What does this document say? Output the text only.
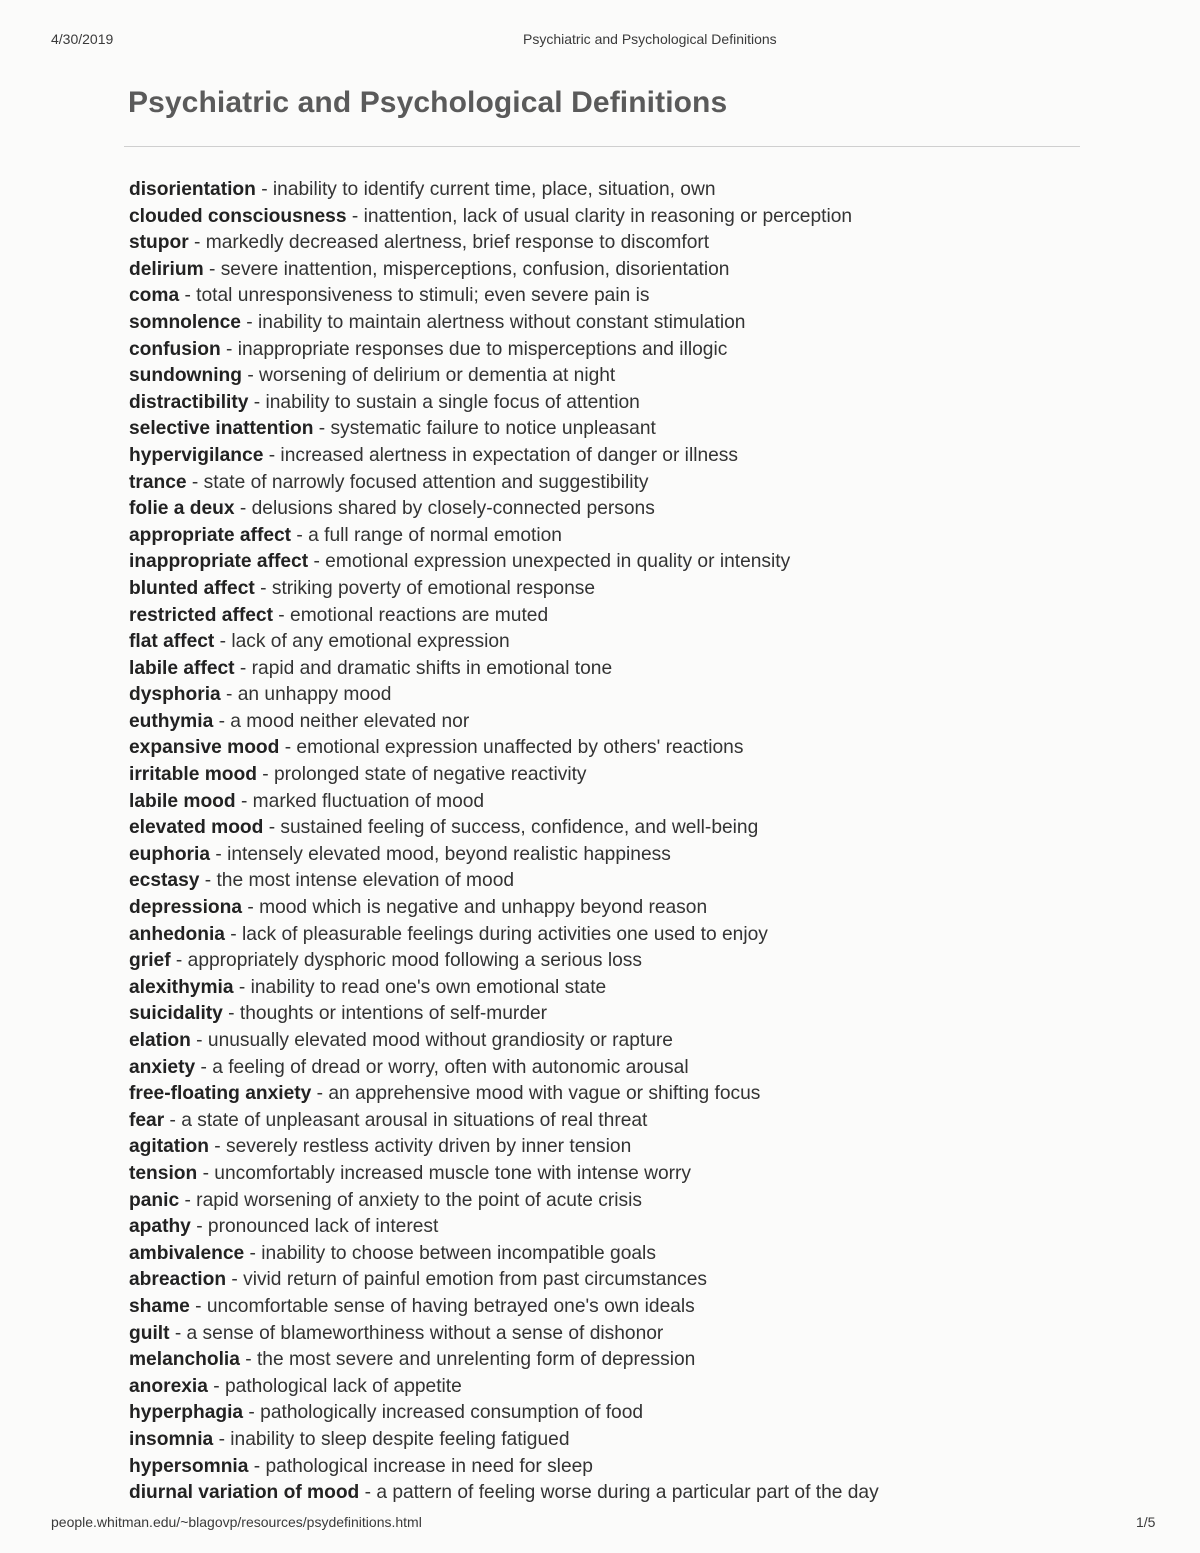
4/30/2019	Psychiatric and Psychological Definitions
Psychiatric and Psychological Definitions
disorientation - inability to identify current time, place, situation, own
clouded consciousness - inattention, lack of usual clarity in reasoning or perception
stupor - markedly decreased alertness, brief response to discomfort
delirium - severe inattention, misperceptions, confusion, disorientation
coma - total unresponsiveness to stimuli; even severe pain is
somnolence - inability to maintain alertness without constant stimulation
confusion - inappropriate responses due to misperceptions and illogic
sundowning - worsening of delirium or dementia at night
distractibility - inability to sustain a single focus of attention
selective inattention - systematic failure to notice unpleasant
hypervigilance - increased alertness in expectation of danger or illness
trance - state of narrowly focused attention and suggestibility
folie a deux - delusions shared by closely-connected persons
appropriate affect - a full range of normal emotion
inappropriate affect - emotional expression unexpected in quality or intensity
blunted affect - striking poverty of emotional response
restricted affect - emotional reactions are muted
flat affect - lack of any emotional expression
labile affect - rapid and dramatic shifts in emotional tone
dysphoria - an unhappy mood
euthymia - a mood neither elevated nor
expansive mood - emotional expression unaffected by others' reactions
irritable mood - prolonged state of negative reactivity
labile mood - marked fluctuation of mood
elevated mood - sustained feeling of success, confidence, and well-being
euphoria - intensely elevated mood, beyond realistic happiness
ecstasy - the most intense elevation of mood
depressiona - mood which is negative and unhappy beyond reason
anhedonia - lack of pleasurable feelings during activities one used to enjoy
grief - appropriately dysphoric mood following a serious loss
alexithymia - inability to read one's own emotional state
suicidality - thoughts or intentions of self-murder
elation - unusually elevated mood without grandiosity or rapture
anxiety - a feeling of dread or worry, often with autonomic arousal
free-floating anxiety - an apprehensive mood with vague or shifting focus
fear - a state of unpleasant arousal in situations of real threat
agitation - severely restless activity driven by inner tension
tension - uncomfortably increased muscle tone with intense worry
panic - rapid worsening of anxiety to the point of acute crisis
apathy - pronounced lack of interest
ambivalence - inability to choose between incompatible goals
abreaction - vivid return of painful emotion from past circumstances
shame - uncomfortable sense of having betrayed one's own ideals
guilt - a sense of blameworthiness without a sense of dishonor
melancholia - the most severe and unrelenting form of depression
anorexia - pathological lack of appetite
hyperphagia - pathologically increased consumption of food
insomnia - inability to sleep despite feeling fatigued
hypersomnia - pathological increase in need for sleep
diurnal variation of mood - a pattern of feeling worse during a particular part of the day
people.whitman.edu/~blagovp/resources/psydefinitions.html	1/5
